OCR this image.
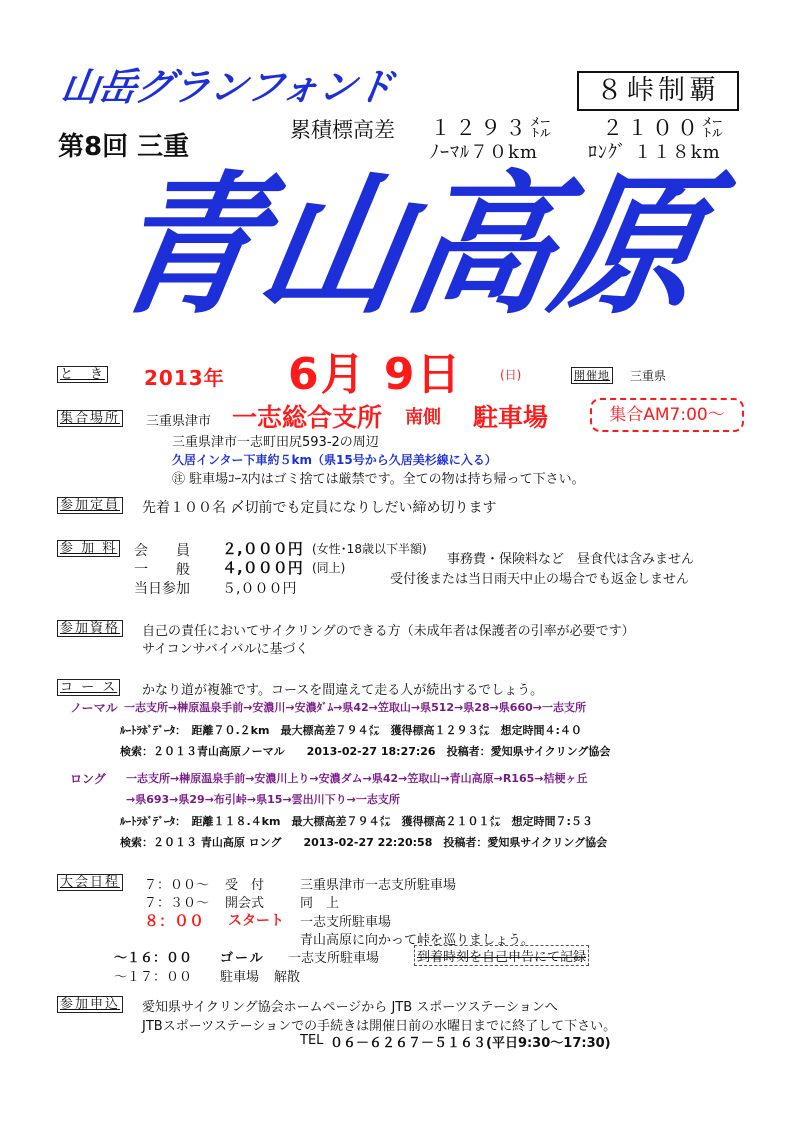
山岳グランフォンド	８峠制覇
第8回 三重
累積標高差 １２９３㍍ ２１００㍍
ﾉｰﾏﾙ７０km	ﾛﾝｸﾞ １１８km
青山高原
と　き 2013年 6月 9日	(日)	開催地 三重県
集合場所 三重県津市 一志総合支所 南側 駐車場	集合AM7:00～
三重県津市一志町田尻593-2の周辺
久居インター下車約５km（県15号から久居美杉線に入る）
㊟ 駐車場ｺｰｽ内はゴミ捨ては厳禁です。全ての物は持ち帰って下さい。
参加定員 先着１００名 〆切前でも定員になりしだい締め切ります
参 加 料 会　　員 ２,０００円 (女性･18歳以下半額)
一　　般 ４,０００円 (同上)
当日参加 ５,０００円
事務費・保険料など　昼食代は含みません
受付後または当日雨天中止の場合でも返金しません
参加資格 自己の責任においてサイクリングのできる方（未成年者は保護者の引率が必要です）
サイコンサバイバルに基づく
コ ー ス かなり道が複雑です。コースを間違えて走る人が続出するでしょう。
ノーマル 一志支所→榊原温泉手前→安濃川→安濃ﾀﾞﾑ→県42→笠取山→県512→県28→県660→一志支所
ﾙｰﾄﾗﾎﾞﾃﾞｰﾀ：　距離７０.２km　最大標高差７９４㍍　獲得標高１２９３㍍　想定時間４:４０
検索：２０１３青山高原ノーマル　　2013-02-27 18:27:26　投稿者：愛知県サイクリング協会
ロング 一志支所→榊原温泉手前→安濃川上り→安濃ダム→県42→笠取山→青山高原→R165→桔梗ヶ丘
→県693→県29→布引峠→県15→雲出川下り→一志支所
ﾙｰﾄﾗﾎﾞﾃﾞｰﾀ：　距離１１８.４km　最大標高差７９４㍍　獲得標高２１０１㍍　想定時間７:５３
検索：２０１３ 青山高原 ロング　　2013-02-27 22:20:58　投稿者：愛知県サイクリング協会
大会日程 ７：００～ 受　付	三重県津市一志支所駐車場
７：３０～ 開会式	同　上
８：００ スタート 一志支所駐車場
青山高原に向かって峠を巡りましょう。
～１６：００ ゴール 一志支所駐車場	到着時刻を自己申告にて記録
～１７：００ 駐車場 解散
参加申込 愛知県サイクリング協会ホームページから JTB スポーツステーションへ
JTBスポーツステーションでの手続きは開催日前の水曜日までに終了して下さい。
TEL ０６－６２６７－５１６３(平日9:30～17:30)
